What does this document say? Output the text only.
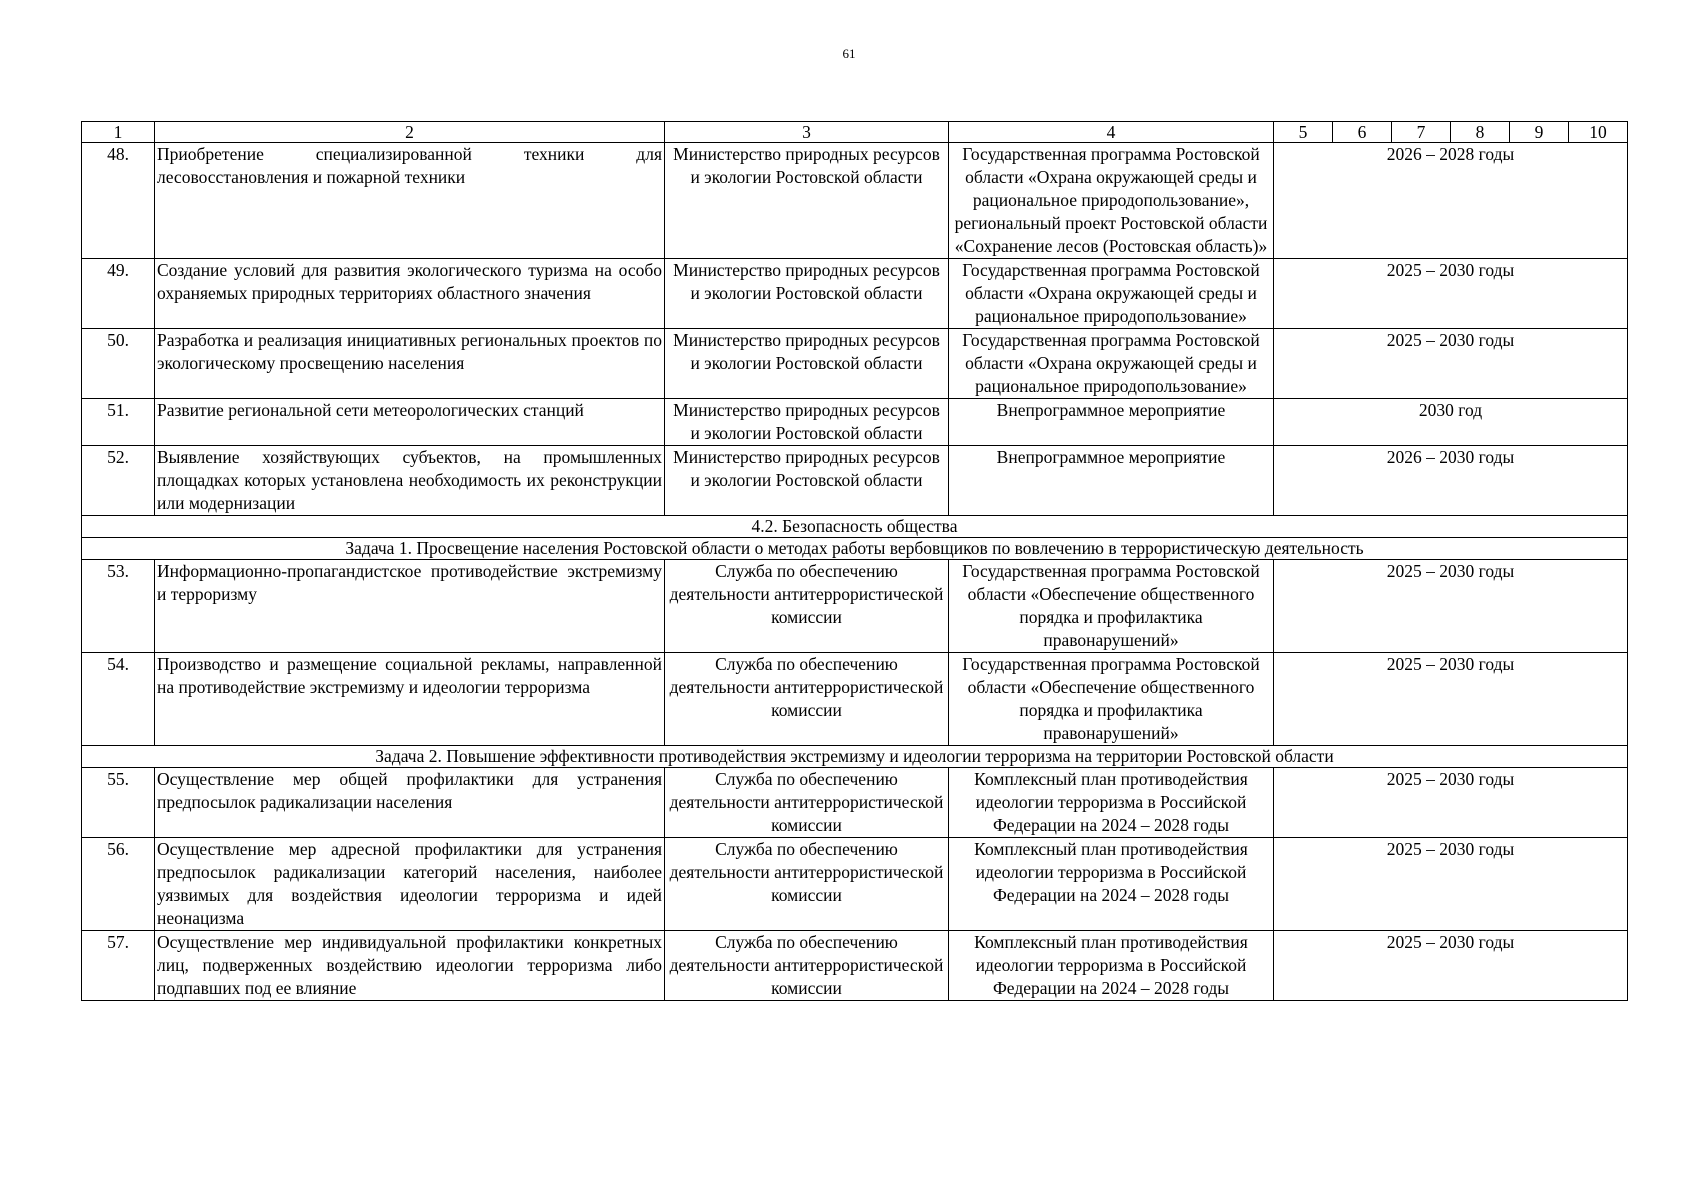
61
1	2	3	4	5	6	7	8	9	10
48.	Приобретение специализированной техники для лесовосстановления и пожарной техники	Министерство природных ресурсов и экологии Ростовской области	Государственная программа Ростовской области «Охрана окружающей среды и рациональное природопользование», региональный проект Ростовской области «Сохранение лесов (Ростовская область)»	2026 – 2028 годы					
49.	Создание условий для развития экологического туризма на особо охраняемых природных территориях областного значения	Министерство природных ресурсов и экологии Ростовской области	Государственная программа Ростовской области «Охрана окружающей среды и рациональное природопользование»	2025 – 2030 годы					
50.	Разработка и реализация инициативных региональных проектов по экологическому просвещению населения	Министерство природных ресурсов и экологии Ростовской области	Государственная программа Ростовской области «Охрана окружающей среды и рациональное природопользование»	2025 – 2030 годы					
51.	Развитие региональной сети метеорологических станций	Министерство природных ресурсов и экологии Ростовской области	Внепрограммное мероприятие	2030 год					
52.	Выявление хозяйствующих субъектов, на промышленных площадках которых установлена необходимость их реконструкции или модернизации	Министерство природных ресурсов и экологии Ростовской области	Внепрограммное мероприятие	2026 – 2030 годы					
4.2. Безопасность общества									
Задача 1. Просвещение населения Ростовской области о методах работы вербовщиков по вовлечению в террористическую деятельность									
53.	Информационно-пропагандистское противодействие экстремизму и терроризму	Служба по обеспечению деятельности антитеррористической комиссии	Государственная программа Ростовской области «Обеспечение общественного порядка и профилактика правонарушений»	2025 – 2030 годы					
54.	Производство и размещение социальной рекламы, направленной на противодействие экстремизму и идеологии терроризма	Служба по обеспечению деятельности антитеррористической комиссии	Государственная программа Ростовской области «Обеспечение общественного порядка и профилактика правонарушений»	2025 – 2030 годы					
Задача 2. Повышение эффективности противодействия экстремизму и идеологии терроризма на территории Ростовской области									
55.	Осуществление мер общей профилактики для устранения предпосылок радикализации населения	Служба по обеспечению деятельности антитеррористической комиссии	Комплексный план противодействия идеологии терроризма в Российской Федерации на 2024 – 2028 годы	2025 – 2030 годы					
56.	Осуществление мер адресной профилактики для устранения предпосылок радикализации категорий населения, наиболее уязвимых для воздействия идеологии терроризма и идей неонацизма	Служба по обеспечению деятельности антитеррористической комиссии	Комплексный план противодействия идеологии терроризма в Российской Федерации на 2024 – 2028 годы	2025 – 2030 годы					
57.	Осуществление мер индивидуальной профилактики конкретных лиц, подверженных воздействию идеологии терроризма либо подпавших под ее влияние	Служба по обеспечению деятельности антитеррористической комиссии	Комплексный план противодействия идеологии терроризма в Российской Федерации на 2024 – 2028 годы	2025 – 2030 годы					
